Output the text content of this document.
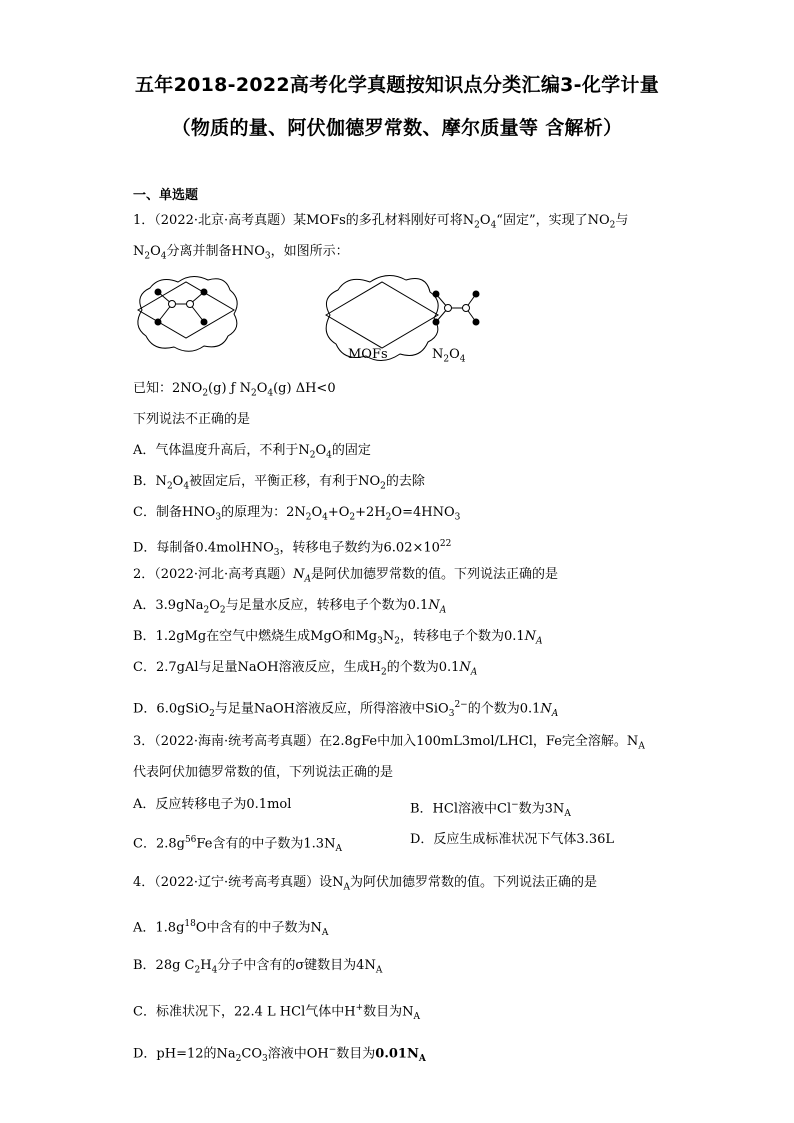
五年2018-2022高考化学真题按知识点分类汇编3-化学计量
（物质的量、阿伏伽德罗常数、摩尔质量等 含解析）
一、单选题
1．（2022·北京·高考真题）某MOFs的多孔材料刚好可将$N_2O_4“$固定”，实现了$NO_2$与
$N_2O_4$分离并制备$HNO_3$，如图所示：
MOFs	$N_2O_4$
已知：$2NO_2(g)$ ƒ $N_2O_4(g)$ ΔH<0
下列说法不正确的是
A．气体温度升高后，不利于$N_2O_4$的固定
B．$N_2O_4$被固定后，平衡正移，有利于$NO_2$的去除
C．制备$HNO_3$的原理为：$2N_2O_4+O_2+2H_2O=4HNO_3$
D．每制备0.4molHNO$_3$，转移电子数约为$6.02\times 10^{22}$
2．（2022·河北·高考真题）$N_A$是阿伏加德罗常数的值。下列说法正确的是
A．$3.9gNa_2O_2$与足量水反应，转移电子个数为$0.1N_A$
B．1.2gMg在空气中燃烧生成MgO和$Mg_3N_2$，转移电子个数为$0.1N_A$
C．2.7gAl与足量NaOH溶液反应，生成$H_2$的个数为$0.1N_A$
D．6.0gSiO$_2$与足量NaOH溶液反应，所得溶液中SiO$_3^{2-}$的个数为$0.1N_A$
3．（2022·海南·统考高考真题）在2.8gFe中加入100mL3mol/LHCl，Fe完全溶解。$N_A$
代表阿伏加德罗常数的值，下列说法正确的是
A．反应转移电子为0.1mol	B．HCl溶液中Cl−数为$3N_A$
C．$2.8g^{56}Fe$含有的中子数为$1.3N_A$
D．反应生成标准状况下气体3.36L
4．（2022·辽宁·统考高考真题）设$N_A$为阿伏加德罗常数的值。下列说法正确的是
A．$1.8g^{18}O$中含有的中子数为$N_A$
B．28g $C_2H_4$分子中含有的σ键数目为$4N_A$
C．标准状况下，22.4 L HCl气体中H+数目为$N_A$
D．pH=12的$Na_2CO_3$溶液中OH−数目为$0.01N_A$
